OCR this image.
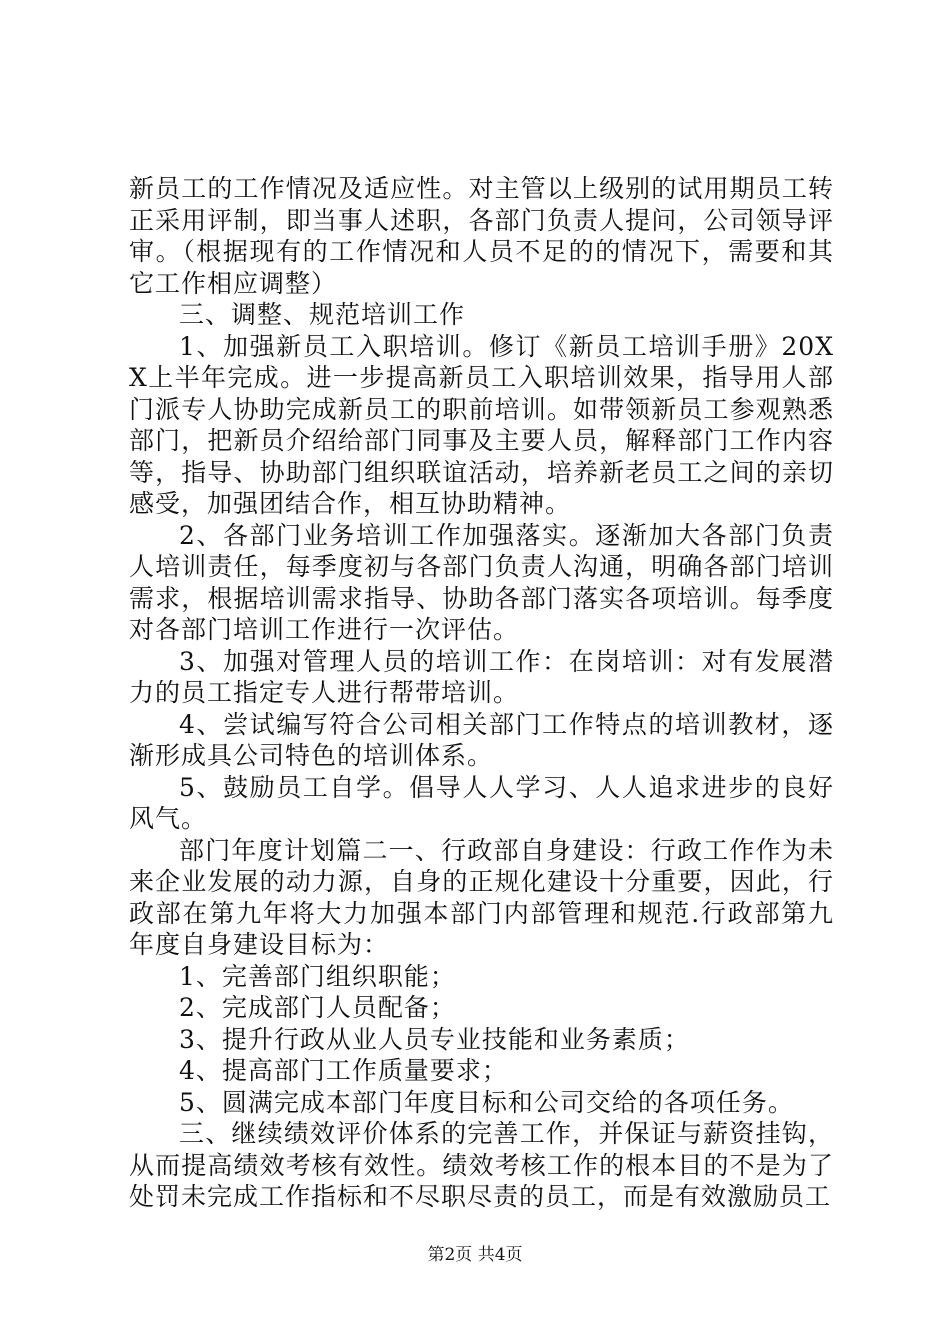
新员工的工作情况及适应性。对主管以上级别的试用期员工转正采用评制，即当事人述职，各部门负责人提问，公司领导评审。（根据现有的工作情况和人员不足的的情况下，需要和其它工作相应调整）

三、调整、规范培训工作

1、加强新员工入职培训。修订《新员工培训手册》20XX上半年完成。进一步提高新员工入职培训效果，指导用人部门派专人协助完成新员工的职前培训。如带领新员工参观熟悉部门，把新员介绍给部门同事及主要人员，解释部门工作内容等，指导、协助部门组织联谊活动，培养新老员工之间的亲切感受，加强团结合作，相互协助精神。

2、各部门业务培训工作加强落实。逐渐加大各部门负责人培训责任，每季度初与各部门负责人沟通，明确各部门培训需求，根据培训需求指导、协助各部门落实各项培训。每季度对各部门培训工作进行一次评估。

3、加强对管理人员的培训工作：在岗培训：对有发展潜力的员工指定专人进行帮带培训。

4、尝试编写符合公司相关部门工作特点的培训教材，逐渐形成具公司特色的培训体系。

5、鼓励员工自学。倡导人人学习、人人追求进步的良好风气。

部门年度计划篇二一、行政部自身建设：行政工作作为未来企业发展的动力源，自身的正规化建设十分重要，因此，行政部在第九年将大力加强本部门内部管理和规范.行政部第九年度自身建设目标为：

1、完善部门组织职能；

2、完成部门人员配备；

3、提升行政从业人员专业技能和业务素质；

4、提高部门工作质量要求；

5、圆满完成本部门年度目标和公司交给的各项任务。

三、继续绩效评价体系的完善工作，并保证与薪资挂钩，从而提高绩效考核有效性。绩效考核工作的根本目的不是为了处罚未完成工作指标和不尽职尽责的员工，而是有效激励员工

第2页 共4页
